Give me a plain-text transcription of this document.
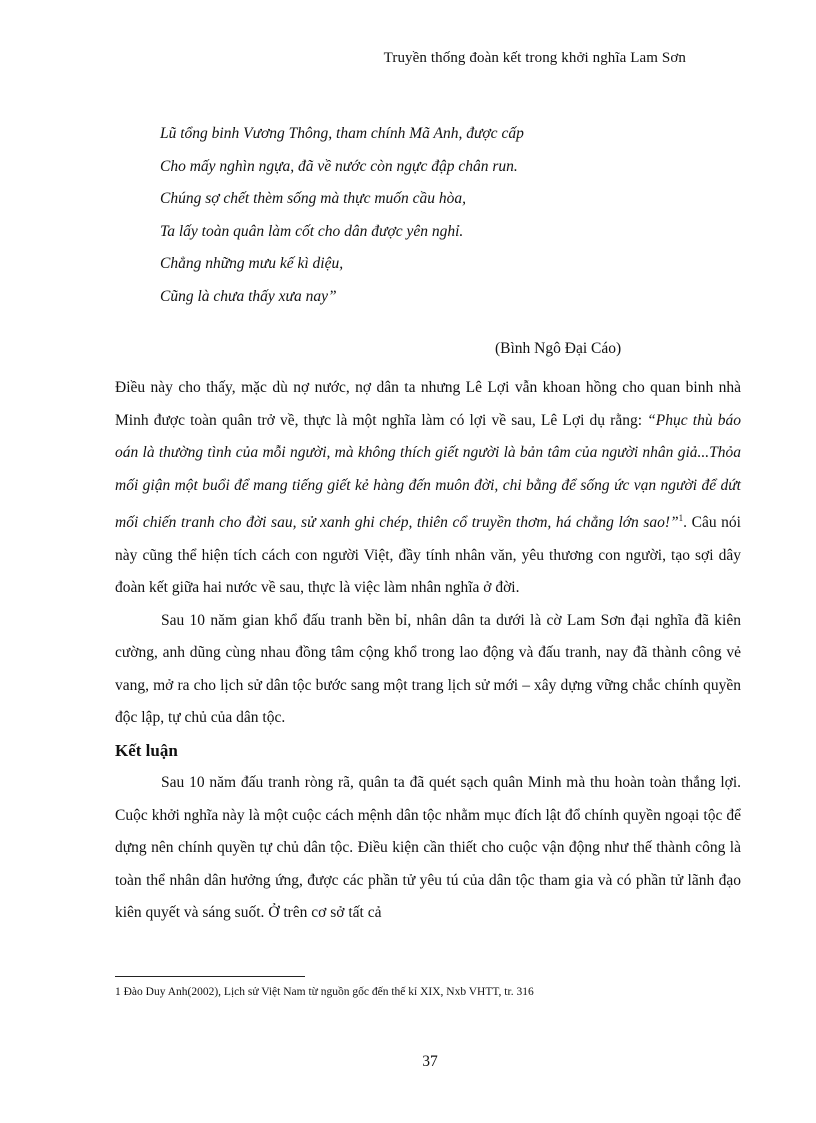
Truyền thống đoàn kết trong khởi nghĩa Lam Sơn
Lũ tổng binh Vương Thông, tham chính Mã Anh, được cấp
Cho mấy nghìn ngựa, đã về nước còn ngực đập chân run.
Chúng sợ chết thèm sống mà thực muốn cầu hòa,
Ta lấy toàn quân làm cốt cho dân được yên nghỉ.
Chẳng những mưu kế kì diệu,
Cũng là chưa thấy xưa nay”
(Bình Ngô Đại Cáo)

Điều này cho thấy, mặc dù nợ nước, nợ dân ta nhưng Lê Lợi vẫn khoan hồng cho quan binh nhà Minh được toàn quân trở về, thực là một nghĩa làm có lợi về sau, Lê Lợi dụ rằng: “Phục thù báo oán là thường tình của mỗi người, mà không thích giết người là bản tâm của người nhân giả...Thỏa mối giận một buổi để mang tiếng giết kẻ hàng đến muôn đời, chi bằng để sống ức vạn người để dứt mối chiến tranh cho đời sau, sử xanh ghi chép, thiên cổ truyền thơm, há chẳng lớn sao!”$^1$. Câu nói này cũng thể hiện tích cách con người Việt, đầy tính nhân văn, yêu thương con người, tạo sợi dây đoàn kết giữa hai nước về sau, thực là việc làm nhân nghĩa ở đời.

Sau 10 năm gian khổ đấu tranh bền bỉ, nhân dân ta dưới là cờ Lam Sơn đại nghĩa đã kiên cường, anh dũng cùng nhau đồng tâm cộng khổ trong lao động và đấu tranh, nay đã thành công vẻ vang, mở ra cho lịch sử dân tộc bước sang một trang lịch sử mới – xây dựng vững chắc chính quyền độc lập, tự chủ của dân tộc.

Kết luận

Sau 10 năm đấu tranh ròng rã, quân ta đã quét sạch quân Minh mà thu hoàn toàn thắng lợi. Cuộc khởi nghĩa này là một cuộc cách mệnh dân tộc nhằm mục đích lật đổ chính quyền ngoại tộc để dựng nên chính quyền tự chủ dân tộc. Điều kiện cần thiết cho cuộc vận động như thế thành công là toàn thể nhân dân hưởng ứng, được các phần tử yêu tú của dân tộc tham gia và có phần tử lãnh đạo kiên quyết và sáng suốt. Ở trên cơ sở tất cả

1 Đào Duy Anh(2002), Lịch sử Việt Nam từ nguồn gốc đến thế kỉ XIX, Nxb VHTT, tr. 316
37
